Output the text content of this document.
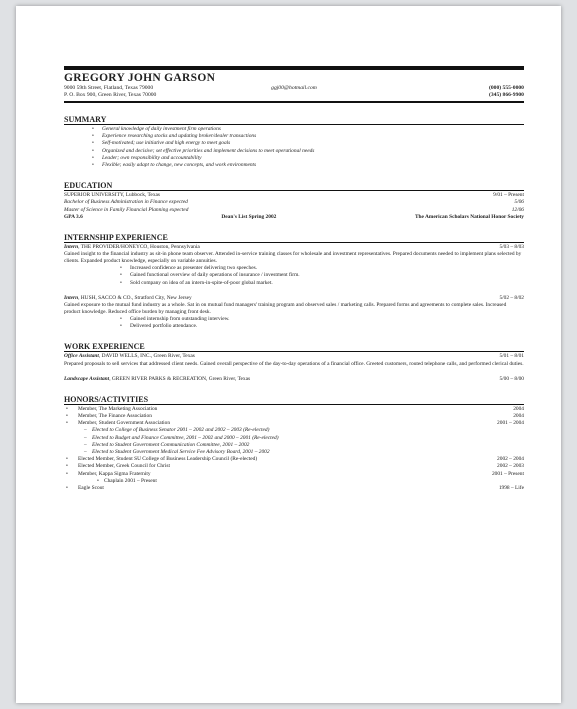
GREGORY JOHN GARSON
9000 59th Street, Flatland, Texas 79000
P. O. Box 900, Green River, Texas 70000
ggj00@hotmail.com	(000) 555-0000
(345) 866-9900
SUMMARY
• General knowledge of daily investment firm operations
• Experience researching stocks and updating broker/dealer transactions
• Self-motivated; use initiative and high energy to meet goals
• Organized and decisive; set effective priorities and implement decisions to meet operational needs
• Leader; own responsibility and accountability
• Flexible; easily adapt to change, new concepts, and work environments
EDUCATION
SUPERIOR UNIVERSITY, Lubbock, Texas	9/01 – Present
Bachelor of Business Administration in Finance expected	5/06
Master of Science in Family Financial Planning expected	12/06
GPA 3.6	Dean's List Spring 2002	The American Scholars National Honor Society
INTERNSHIP EXPERIENCE
Intern, THE PROVIDER/HONEYCO, Houston, Pennsylvania	5/03 – 8/03
Gained insight to the financial industry as sit-in phone team observer. Attended in-service training classes for wholesale and investment representatives. Prepared documents needed to implement plans selected by clients. Expanded product knowledge, especially on variable annuities.
• Increased confidence as presenter delivering two speeches.
• Gained functional overview of daily operations of insurance / investment firm.
• Sold company on idea of an intern-in-spite-of-poor global market.
Intern, HUSH, SACCO & CO., Stratford City, New Jersey	5/02 – 8/02
Gained exposure to the mutual fund industry as a whole. Sat in on mutual fund managers' training program and observed sales / marketing calls. Prepared forms and agreements to complete sales. Increased product knowledge. Reduced office burden by managing front desk.
• Gained internship from outstanding interview.
• Delivered portfolio attendance.
WORK EXPERIENCE
Office Assistant, DAVID WELLS, INC., Green River, Texas	5/01 – 8/01
Prepared proposals to sell services that addressed client needs. Gained overall perspective of the day-to-day operations of a financial office. Greeted customers, routed telephone calls, and performed clerical duties.
Landscape Assistant, GREEN RIVER PARKS & RECREATION, Green River, Texas	5/00 – 8/00
HONORS/ACTIVITIES
• Member, The Marketing Association	2004
• Member, The Finance Association	2004
• Member, Student Government Association	2001 – 2004
– Elected to College of Business Senator 2001 – 2002 and 2002 – 2003 (Re-elected)
– Elected to Budget and Finance Committee, 2001 – 2002 and 2000 – 2001 (Re-elected)
– Elected to Student Government Communication Committee, 2001 – 2002
– Elected to Student Government Medical Service Fee Advisory Board, 2001 – 2002
• Elected Member, Student SU College of Business Leadership Council (Re-elected)	2002 – 2004
• Elected Member, Greek Council for Christ	2002 – 2003
• Member, Kappa Sigma Fraternity	2001 – Present
• Chaplain 2001 – Present
• Eagle Scout	1998 – Life
